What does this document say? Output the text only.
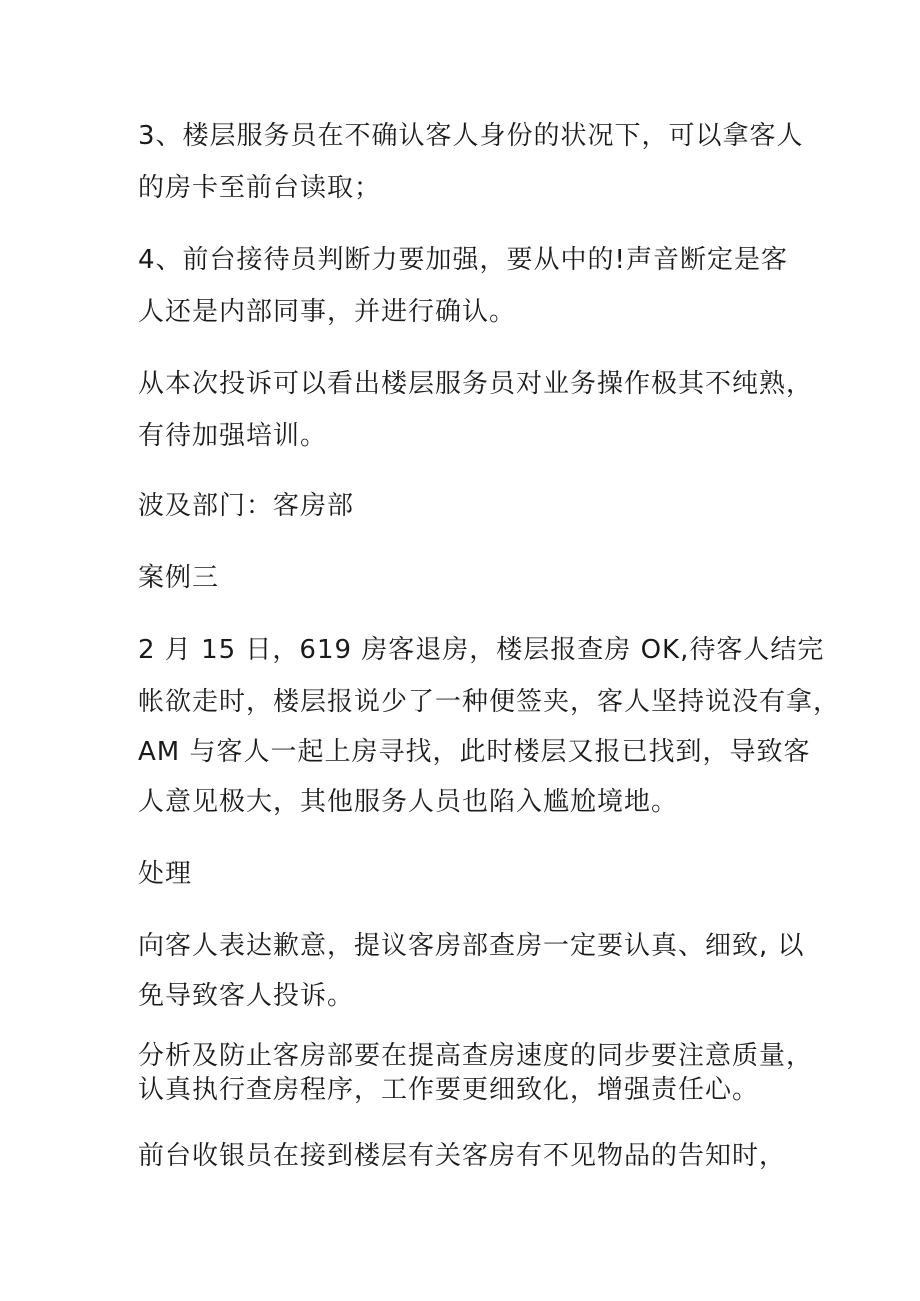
3、楼层服务员在不确认客人身份的状况下，可以拿客人

的房卡至前台读取；

4、前台接待员判断力要加强，要从中的!声音断定是客

人还是内部同事，并进行确认。

从本次投诉可以看出楼层服务员对业务操作极其不纯熟，

有待加强培训。

波及部门：客房部

案例三

2 月 15 日，619 房客退房，楼层报查房 OK,待客人结完

帐欲走时，楼层报说少了一种便签夹，客人坚持说没有拿，

AM 与客人一起上房寻找，此时楼层又报已找到，导致客

人意见极大，其他服务人员也陷入尴尬境地。

处理

向客人表达歉意，提议客房部查房一定要认真、细致, 以

免导致客人投诉。

分析及防止客房部要在提高查房速度的同步要注意质量，

认真执行查房程序，工作要更细致化，增强责任心。

前台收银员在接到楼层有关客房有不见物品的告知时，
